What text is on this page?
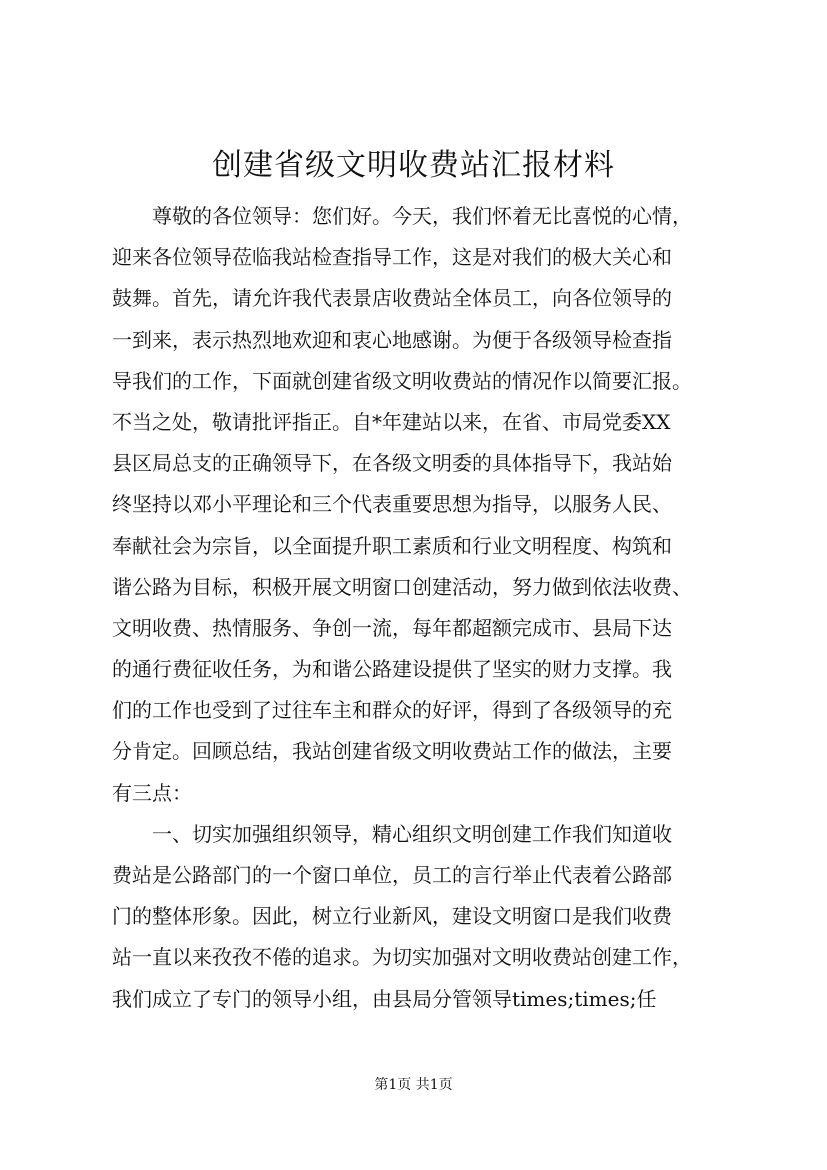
创建省级文明收费站汇报材料
　　尊敬的各位领导：您们好。今天，我们怀着无比喜悦的心情，
迎来各位领导莅临我站检查指导工作，这是对我们的极大关心和
鼓舞。首先，请允许我代表景店收费站全体员工，向各位领导的
一到来，表示热烈地欢迎和衷心地感谢。为便于各级领导检查指
导我们的工作，下面就创建省级文明收费站的情况作以简要汇报。
不当之处，敬请批评指正。自*年建站以来，在省、市局党委XX
县区局总支的正确领导下，在各级文明委的具体指导下，我站始
终坚持以邓小平理论和三个代表重要思想为指导，以服务人民、
奉献社会为宗旨，以全面提升职工素质和行业文明程度、构筑和
谐公路为目标，积极开展文明窗口创建活动，努力做到依法收费、
文明收费、热情服务、争创一流，每年都超额完成市、县局下达
的通行费征收任务，为和谐公路建设提供了坚实的财力支撑。我
们的工作也受到了过往车主和群众的好评，得到了各级领导的充
分肯定。回顾总结，我站创建省级文明收费站工作的做法，主要
有三点：
　　一、切实加强组织领导，精心组织文明创建工作我们知道收
费站是公路部门的一个窗口单位，员工的言行举止代表着公路部
门的整体形象。因此，树立行业新风，建设文明窗口是我们收费
站一直以来孜孜不倦的追求。为切实加强对文明收费站创建工作，
我们成立了专门的领导小组，由县局分管领导times;times;任
第1页 共1页
